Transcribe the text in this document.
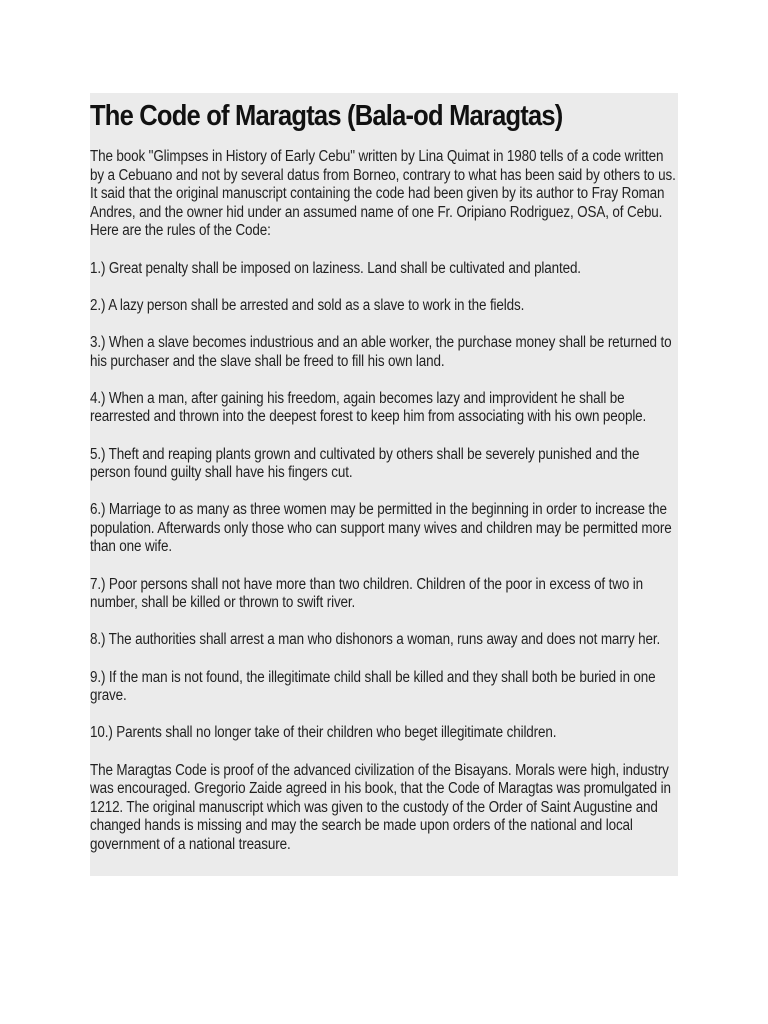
The Code of Maragtas (Bala-od Maragtas)

The book "Glimpses in History of Early Cebu" written by Lina Quimat in 1980 tells of a code written by a Cebuano and not by several datus from Borneo, contrary to what has been said by others to us. It said that the original manuscript containing the code had been given by its author to Fray Roman Andres, and the owner hid under an assumed name of one Fr. Oripiano Rodriguez, OSA, of Cebu. Here are the rules of the Code:

1.) Great penalty shall be imposed on laziness. Land shall be cultivated and planted.

2.) A lazy person shall be arrested and sold as a slave to work in the fields.

3.) When a slave becomes industrious and an able worker, the purchase money shall be returned to his purchaser and the slave shall be freed to fill his own land.

4.) When a man, after gaining his freedom, again becomes lazy and improvident he shall be rearrested and thrown into the deepest forest to keep him from associating with his own people.

5.) Theft and reaping plants grown and cultivated by others shall be severely punished and the person found guilty shall have his fingers cut.

6.) Marriage to as many as three women may be permitted in the beginning in order to increase the population. Afterwards only those who can support many wives and children may be permitted more than one wife.

7.) Poor persons shall not have more than two children. Children of the poor in excess of two in number, shall be killed or thrown to swift river.

8.) The authorities shall arrest a man who dishonors a woman, runs away and does not marry her.

9.) If the man is not found, the illegitimate child shall be killed and they shall both be buried in one grave.

10.) Parents shall no longer take of their children who beget illegitimate children.

The Maragtas Code is proof of the advanced civilization of the Bisayans. Morals were high, industry was encouraged. Gregorio Zaide agreed in his book, that the Code of Maragtas was promulgated in 1212. The original manuscript which was given to the custody of the Order of Saint Augustine and changed hands is missing and may the search be made upon orders of the national and local government of a national treasure.
